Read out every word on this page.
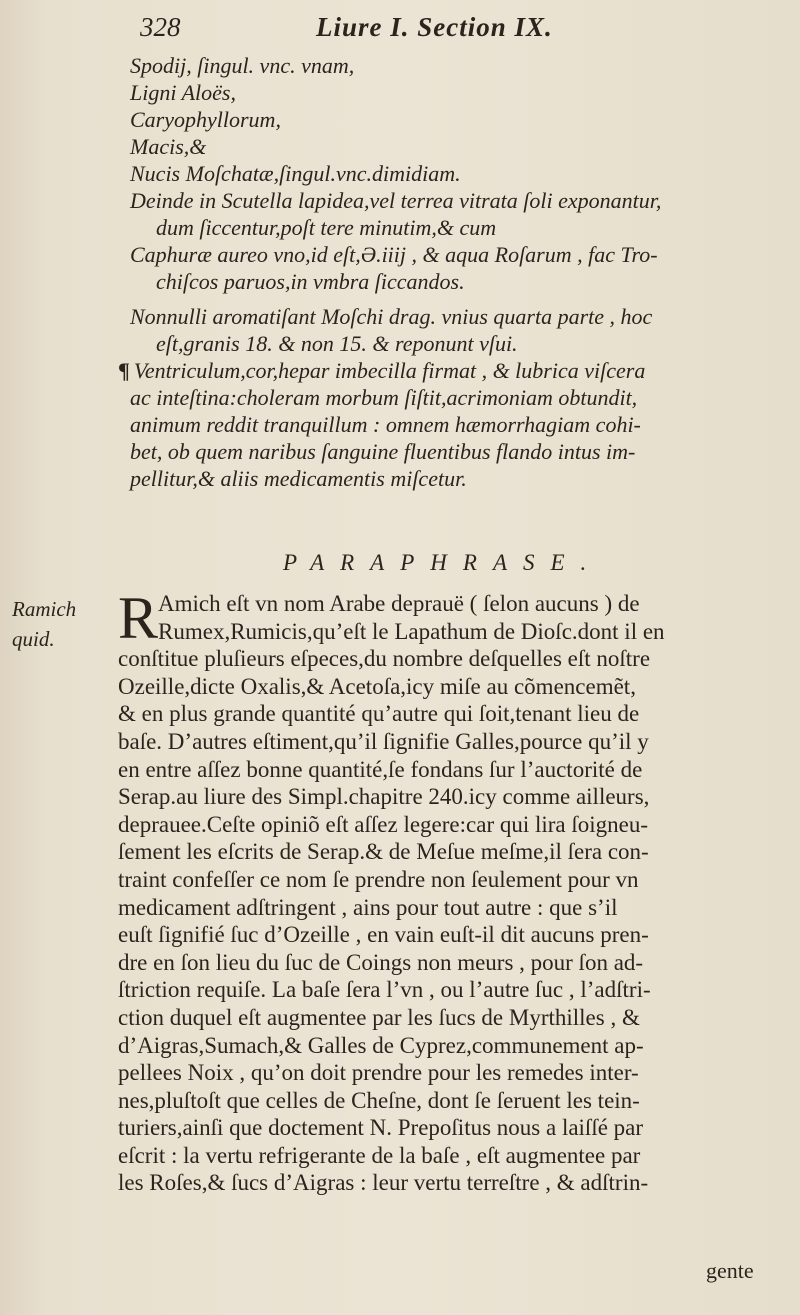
328	Liure I. Section IX.
Spodij, ſingul. vnc. vnam,
Ligni Aloës,
Caryophyllorum,
Macis,&
Nucis Moſchatæ,ſingul.vnc.dimidiam.
Deinde in Scutella lapidea,vel terrea vitrata ſoli exponantur,
dum ſiccentur,poſt tere minutim,& cum
Caphuræ aureo vno,id eſt,Ə.iiij , & aqua Roſarum , fac Tro-
chiſcos paruos,in vmbra ſiccandos.
Nonnulli aromatiſant Moſchi drag. vnius quarta parte , hoc
eſt,granis 18. & non 15. & reponunt vſui.
¶ Ventriculum,cor,hepar imbecilla firmat , & lubrica viſcera
ac inteſtina:choleram morbum ſiſtit,acrimoniam obtundit,
animum reddit tranquillum : omnem hæmorrhagiam cohi-
bet, ob quem naribus ſanguine fluentibus flando intus im-
pellitur,& aliis medicamentis miſcetur.
PARAPHRASE.
Ramich
quid.	R Amich eſt vn nom Arabe deprauë ( ſelon aucuns ) de
Rumex,Rumicis,qu’eſt le Lapathum de Dioſc.dont il en
conſtitue pluſieurs eſpeces,du nombre deſquelles eſt noſtre
Ozeille,dicte Oxalis,& Acetoſa,icy miſe au cõmencemẽt,
& en plus grande quantité qu’autre qui ſoit,tenant lieu de
baſe. D’autres eſtiment,qu’il ſignifie Galles,pource qu’il y
en entre aſſez bonne quantité,ſe fondans ſur l’auctorité de
Serap.au liure des Simpl.chapitre 240.icy comme ailleurs,
deprauee.Ceſte opiniõ eſt aſſez legere:car qui lira ſoigneu-
ſement les eſcrits de Serap.& de Meſue meſme,il ſera con-
traint confeſſer ce nom ſe prendre non ſeulement pour vn
medicament adſtringent , ains pour tout autre : que s’il
euſt ſignifié ſuc d’Ozeille , en vain euſt-il dit aucuns pren-
dre en ſon lieu du ſuc de Coings non meurs , pour ſon ad-
ſtriction requiſe. La baſe ſera l’vn , ou l’autre ſuc , l’adſtri-
ction duquel eſt augmentee par les ſucs de Myrthilles , &
d’Aigras,Sumach,& Galles de Cyprez,communement ap-
pellees Noix , qu’on doit prendre pour les remedes inter-
nes,pluſtoſt que celles de Cheſne, dont ſe ſeruent les tein-
turiers,ainſi que doctement N. Prepoſitus nous a laiſſé par
eſcrit : la vertu refrigerante de la baſe , eſt augmentee par
les Roſes,& ſucs d’Aigras : leur vertu terreſtre , & adſtrin-
gente
